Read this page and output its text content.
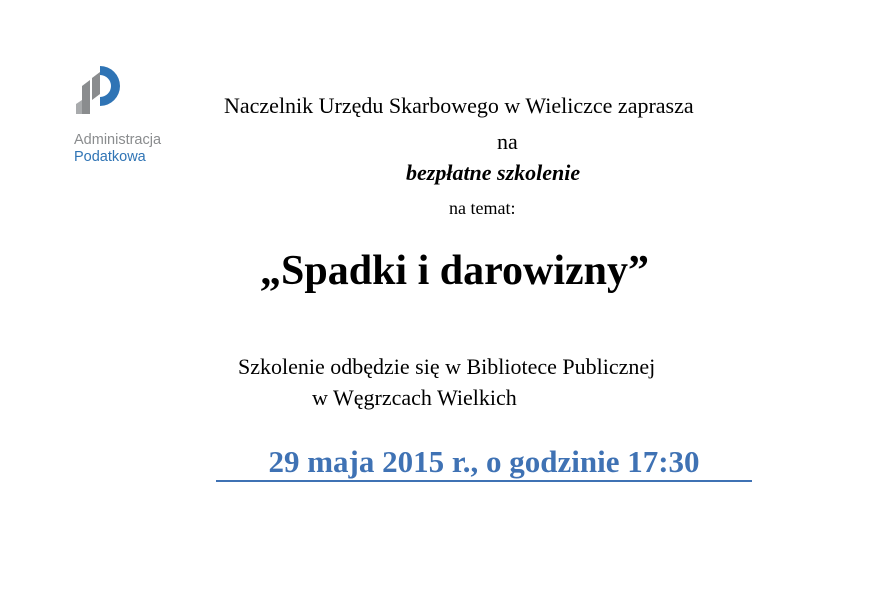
Administracja
Podatkowa
Naczelnik Urzędu Skarbowego w Wieliczce zaprasza
na
bezpłatne szkolenie
na temat:
„Spadki i darowizny”
Szkolenie odbędzie się w Bibliotece Publicznej
w Węgrzcach Wielkich
29 maja 2015 r., o godzinie 17:30
